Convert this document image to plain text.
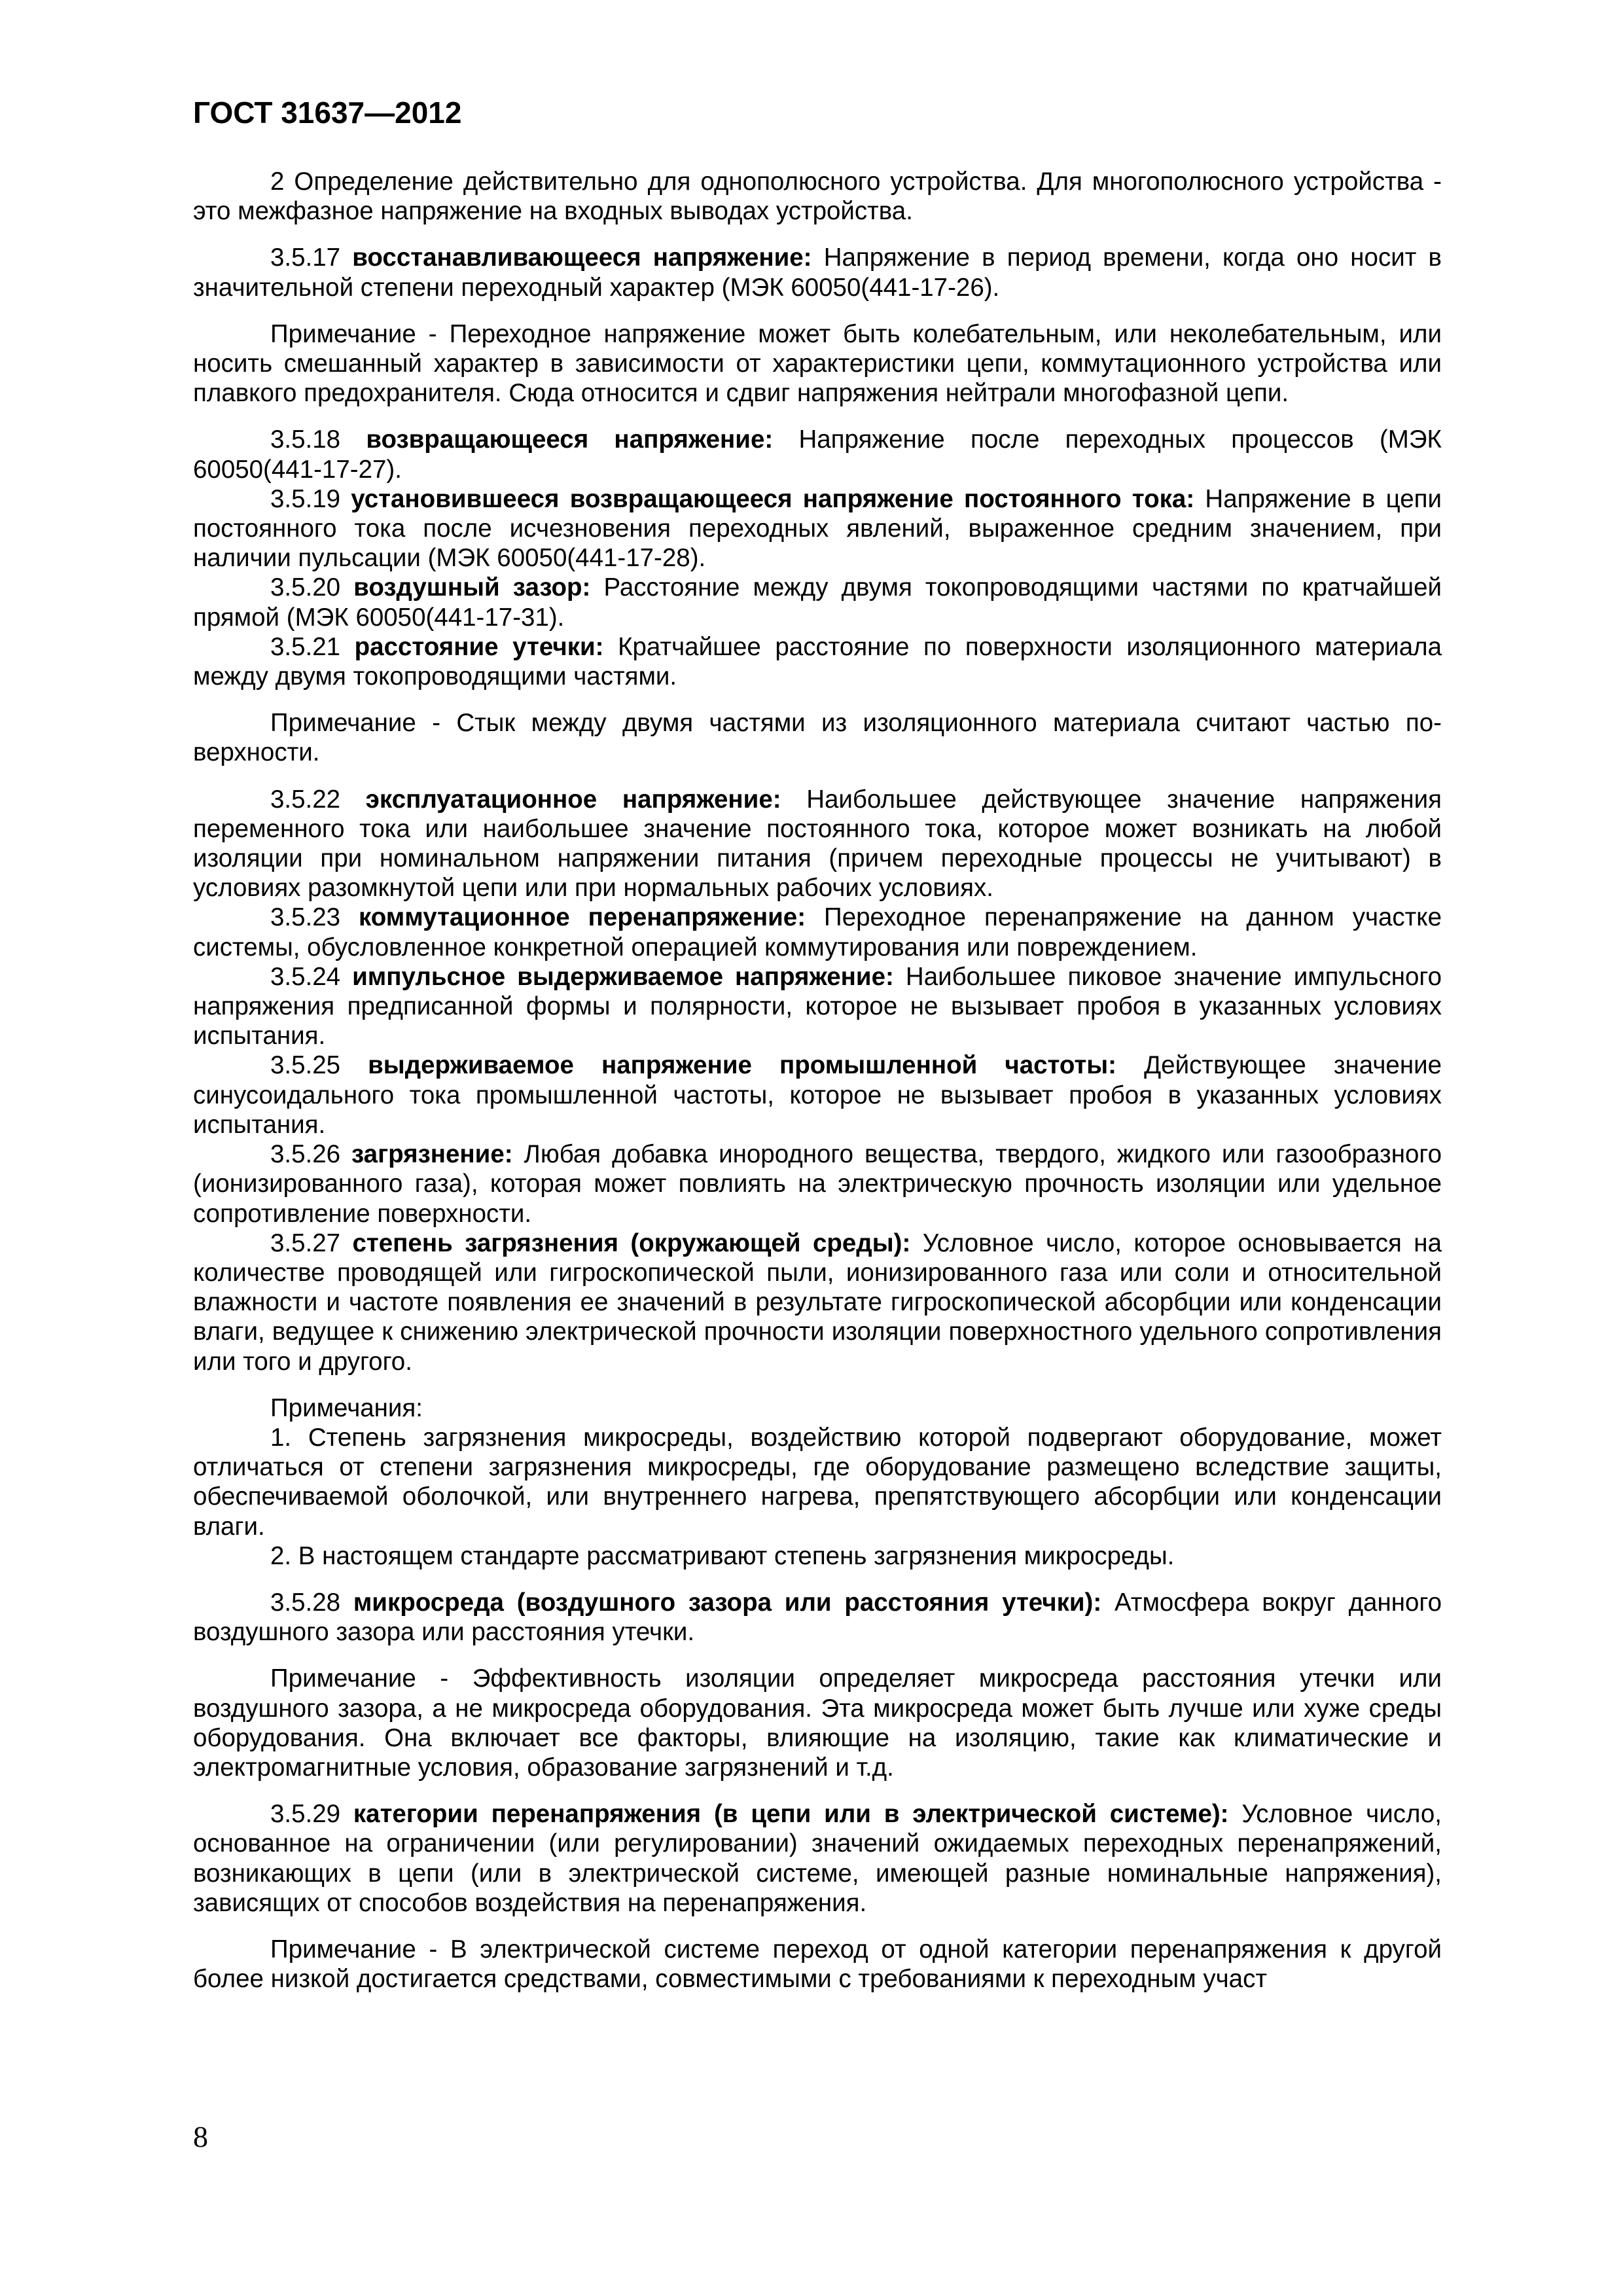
ГОСТ 31637—2012

2 Определение действительно для однополюсного устройства. Для многополюсного устройства - это межфазное напряжение на входных выводах устройства.

3.5.17 восстанавливающееся напряжение: Напряжение в период времени, когда оно носит в значительной степени переходный характер (МЭК 60050(441-17-26).

Примечание - Переходное напряжение может быть колебательным, или неколебательным, или носить смешанный характер в зависимости от характеристики цепи, коммутационного устройства или плавкого предохранителя. Сюда относится и сдвиг напряжения нейтрали многофазной цепи.

3.5.18 возвращающееся напряжение: Напряжение после переходных процессов (МЭК 60050(441-17-27).

3.5.19 установившееся возвращающееся напряжение постоянного тока: Напряжение в цепи постоянного тока после исчезновения переходных явлений, выраженное средним значением, при наличии пульсации (МЭК 60050(441-17-28).

3.5.20 воздушный зазор: Расстояние между двумя токопроводящими частями по кратчайшей прямой (МЭК 60050(441-17-31).

3.5.21 расстояние утечки: Кратчайшее расстояние по поверхности изоляционного материала между двумя токопроводящими частями.

Примечание - Стык между двумя частями из изоляционного материала считают частью поверхности.

3.5.22 эксплуатационное напряжение: Наибольшее действующее значение напряжения переменного тока или наибольшее значение постоянного тока, которое может возникать на любой изоляции при номинальном напряжении питания (причем переходные процессы не учитывают) в условиях разомкнутой цепи или при нормальных рабочих условиях.

3.5.23 коммутационное перенапряжение: Переходное перенапряжение на данном участке системы, обусловленное конкретной операцией коммутирования или повреждением.

3.5.24 импульсное выдерживаемое напряжение: Наибольшее пиковое значение импульсного напряжения предписанной формы и полярности, которое не вызывает пробоя в указанных условиях испытания.

3.5.25 выдерживаемое напряжение промышленной частоты: Действующее значение синусоидального тока промышленной частоты, которое не вызывает пробоя в указанных условиях испытания.

3.5.26 загрязнение: Любая добавка инородного вещества, твердого, жидкого или газообразного (ионизированного газа), которая может повлиять на электрическую прочность изоляции или удельное сопротивление поверхности.

3.5.27 степень загрязнения (окружающей среды): Условное число, которое основывается на количестве проводящей или гигроскопической пыли, ионизированного газа или соли и относительной влажности и частоте появления ее значений в результате гигроскопической абсорбции или конденсации влаги, ведущее к снижению электрической прочности изоляции поверхностного удельного сопротивления или того и другого.

Примечания:

1. Степень загрязнения микросреды, воздействию которой подвергают оборудование, может отличаться от степени загрязнения микросреды, где оборудование размещено вследствие защиты, обеспечиваемой оболочкой, или внутреннего нагрева, препятствующего абсорбции или конденсации влаги.

2. В настоящем стандарте рассматривают степень загрязнения микросреды.

3.5.28 микросреда (воздушного зазора или расстояния утечки): Атмосфера вокруг данного воздушного зазора или расстояния утечки.

Примечание - Эффективность изоляции определяет микросреда расстояния утечки или воздушного зазора, а не микросреда оборудования. Эта микросреда может быть лучше или хуже среды оборудования. Она включает все факторы, влияющие на изоляцию, такие как климатические и электромагнитные условия, образование загрязнений и т.д.

3.5.29 категории перенапряжения (в цепи или в электрической системе): Условное число, основанное на ограничении (или регулировании) значений ожидаемых переходных перенапряжений, возникающих в цепи (или в электрической системе, имеющей разные номинальные напряжения), зависящих от способов воздействия на перенапряжения.

Примечание - В электрической системе переход от одной категории перенапряжения к другой более низкой достигается средствами, совместимыми с требованиями к переходным участ

8
